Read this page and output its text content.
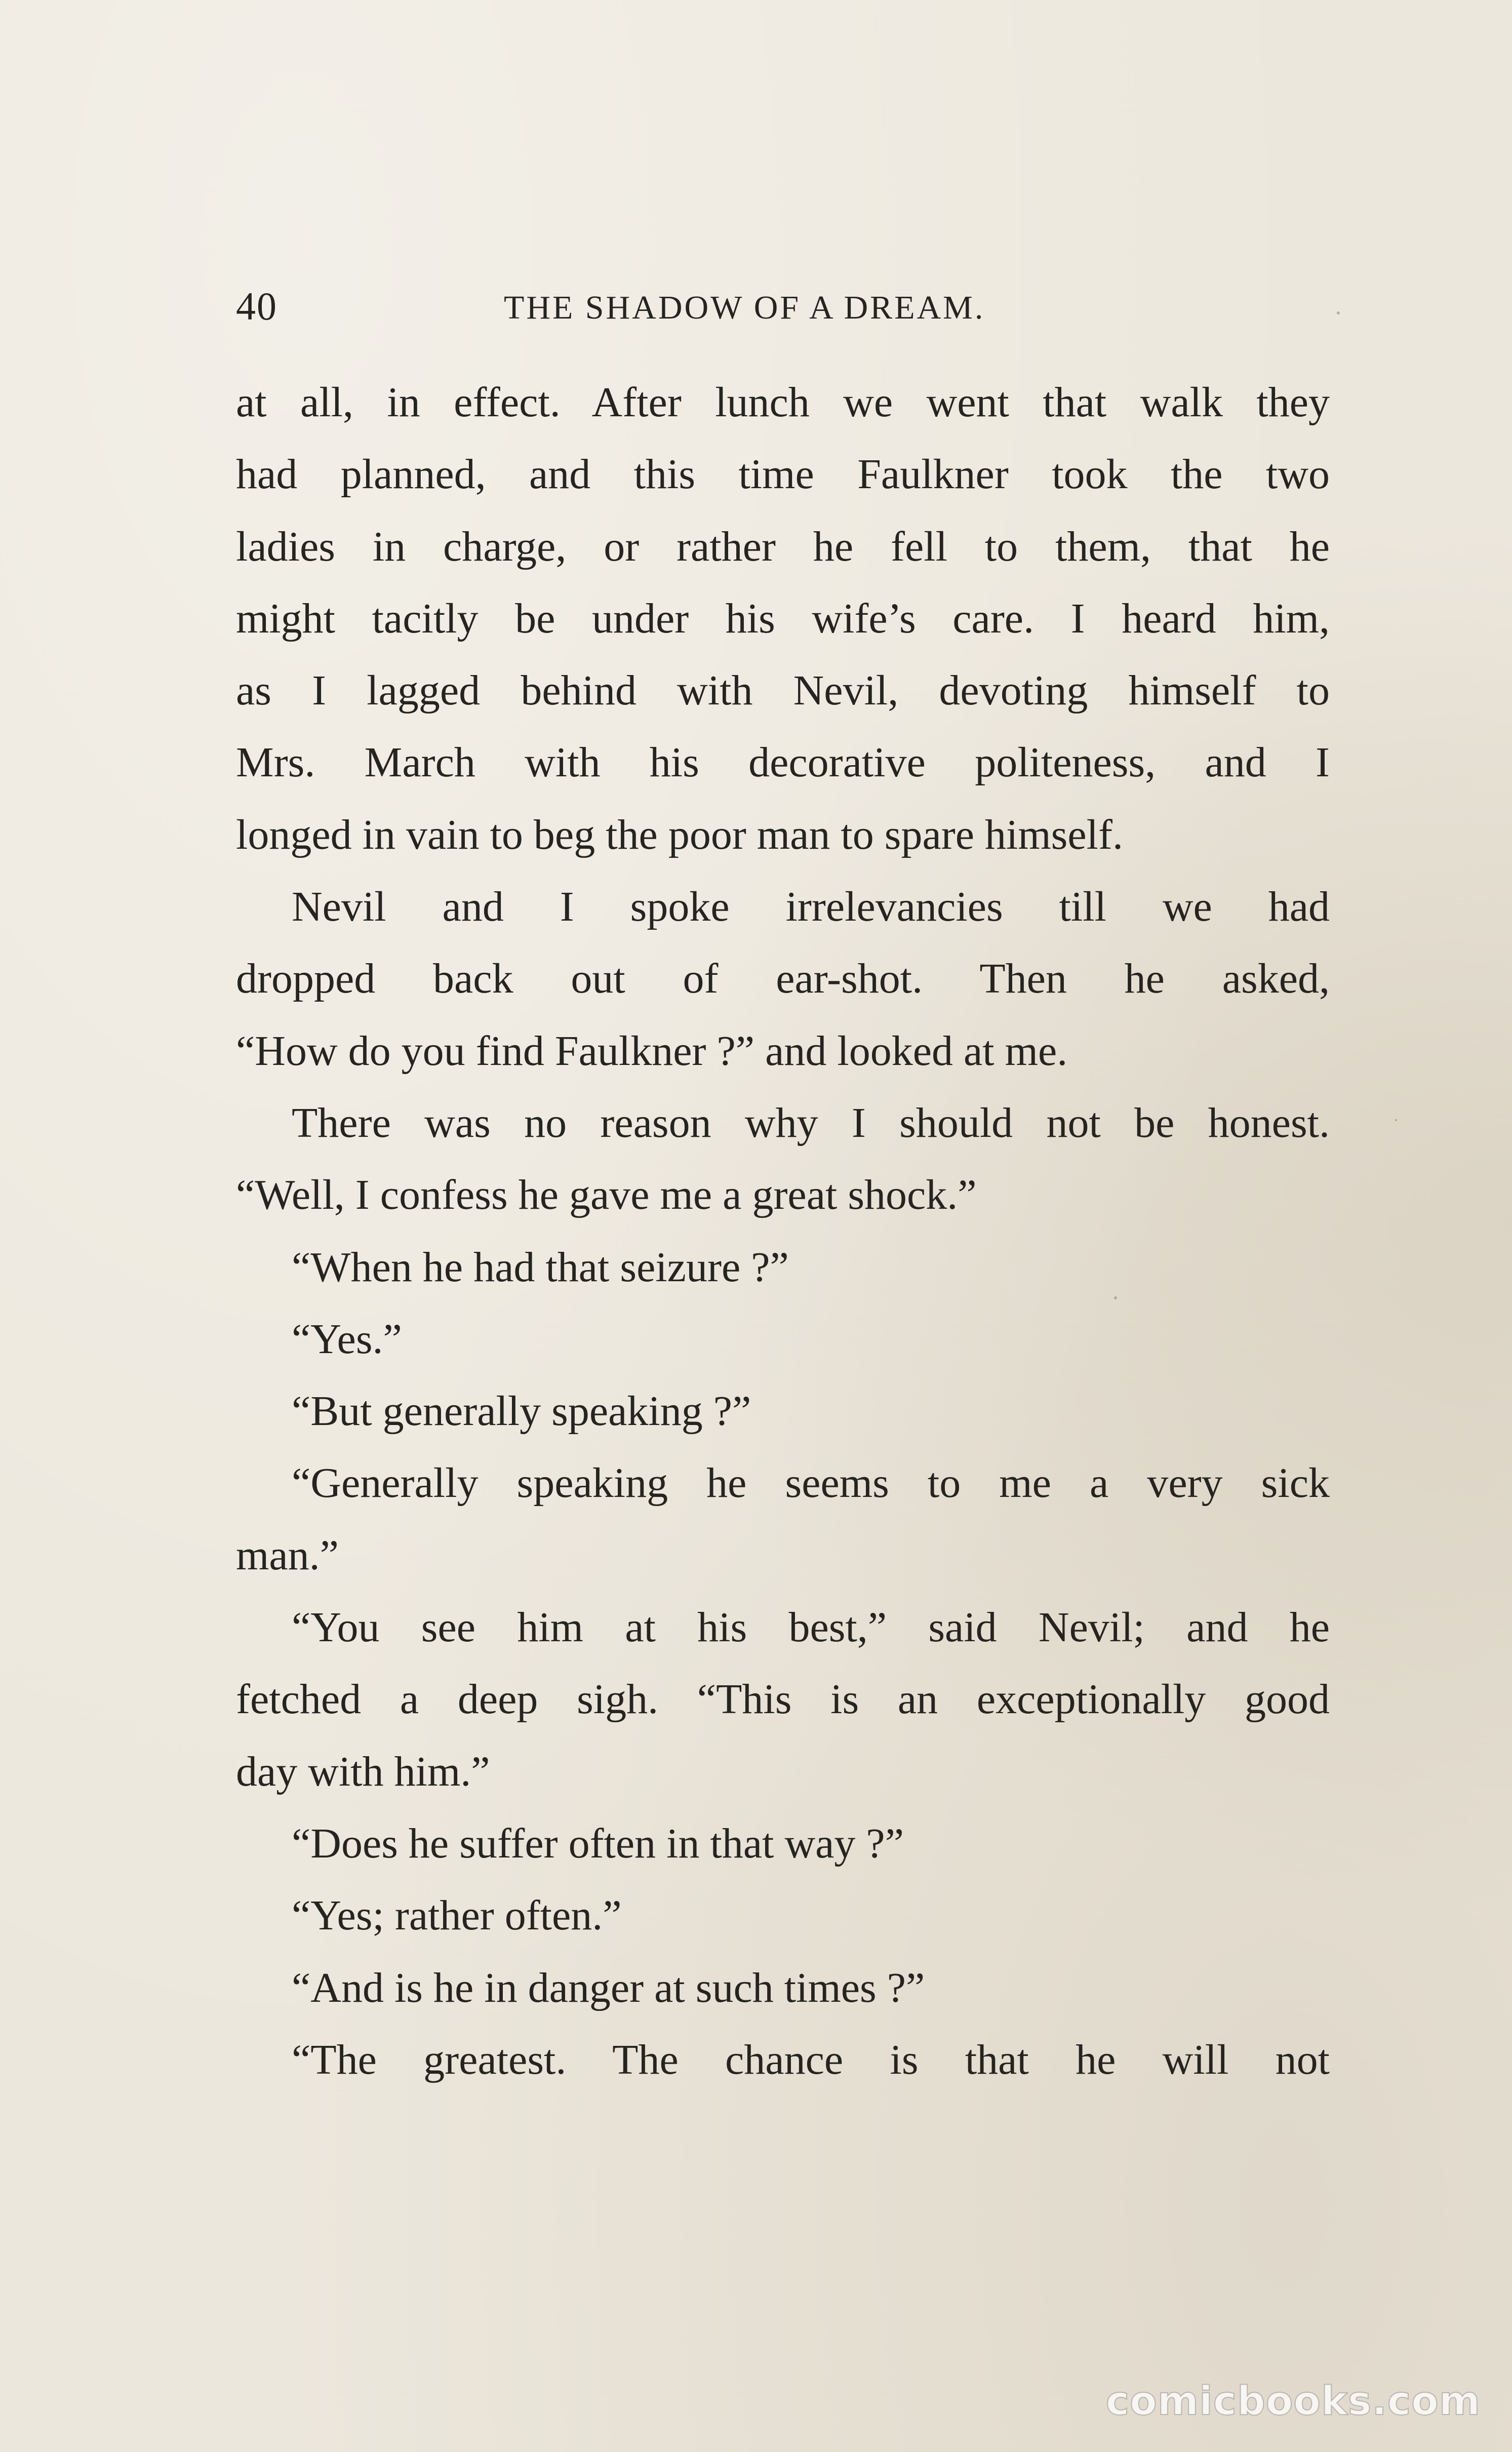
40	THE SHADOW OF A DREAM.
at all, in effect. After lunch we went that walk they
had planned, and this time Faulkner took the two
ladies in charge, or rather he fell to them, that he
might tacitly be under his wife’s care. I heard him,
as I lagged behind with Nevil, devoting himself to
Mrs. March with his decorative politeness, and I
longed in vain to beg the poor man to spare himself.
Nevil and I spoke irrelevancies till we had
dropped back out of ear-shot. Then he asked,
“How do you find Faulkner ?” and looked at me.
There was no reason why I should not be honest.
“Well, I confess he gave me a great shock.”
“When he had that seizure ?”
“Yes.”
“But generally speaking ?”
“Generally speaking he seems to me a very sick
man.”
“You see him at his best,” said Nevil; and he
fetched a deep sigh. “This is an exceptionally good
day with him.”
“Does he suffer often in that way ?”
“Yes; rather often.”
“And is he in danger at such times ?”
“The greatest. The chance is that he will not
comicbooks.com
